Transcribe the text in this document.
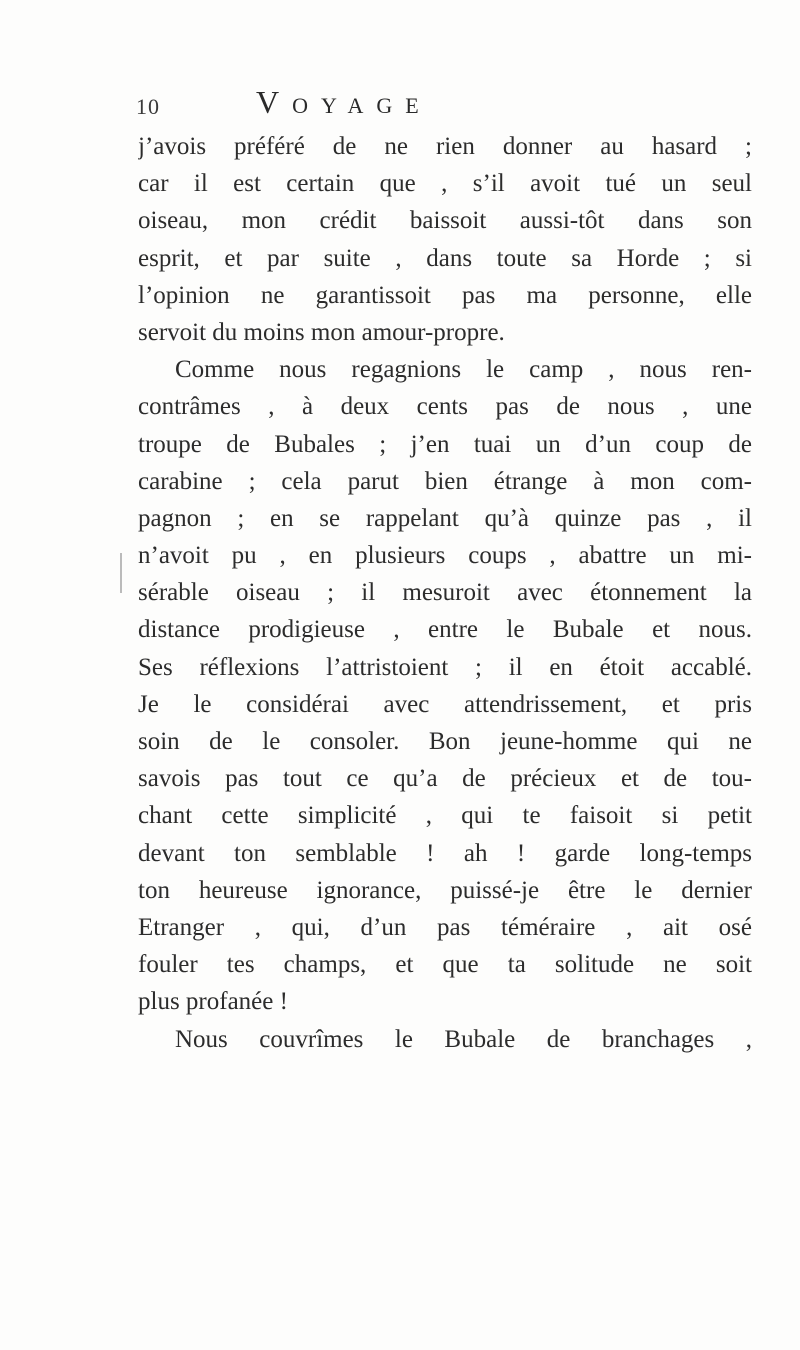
10	Voyage
j’avois préféré de ne rien donner au hasard ;
car il est certain que , s’il avoit tué un seul
oiseau, mon crédit baissoit aussi-tôt dans son
esprit, et par suite , dans toute sa Horde ; si
l’opinion ne garantissoit pas ma personne, elle
servoit du moins mon amour-propre.
Comme nous regagnions le camp , nous ren-
contrâmes , à deux cents pas de nous , une
troupe de Bubales ; j’en tuai un d’un coup de
carabine ; cela parut bien étrange à mon com-
pagnon ; en se rappelant qu’à quinze pas , il
n’avoit pu , en plusieurs coups , abattre un mi-
sérable oiseau ; il mesuroit avec étonnement la
distance prodigieuse , entre le Bubale et nous.
Ses réflexions l’attristoient ; il en étoit accablé.
Je le considérai avec attendrissement, et pris
soin de le consoler. Bon jeune-homme qui ne
savois pas tout ce qu’a de précieux et de tou-
chant cette simplicité , qui te faisoit si petit
devant ton semblable ! ah ! garde long-temps
ton heureuse ignorance, puissé-je être le dernier
Etranger , qui, d’un pas téméraire , ait osé
fouler tes champs, et que ta solitude ne soit
plus profanée !
Nous couvrîmes le Bubale de branchages ,
